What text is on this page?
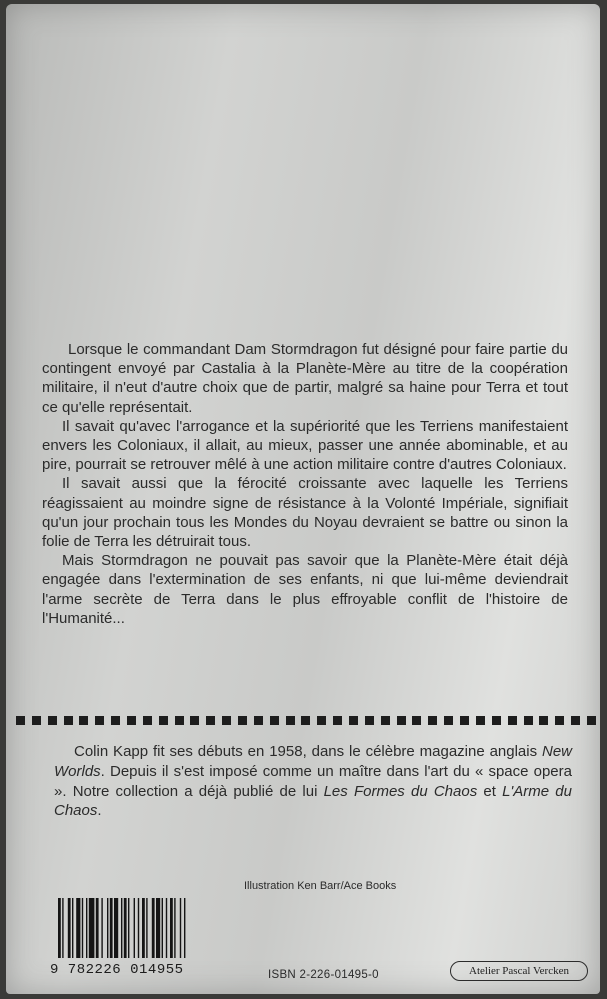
Lorsque le commandant Dam Stormdragon fut désigné pour faire partie du contingent envoyé par Castalia à la Planète-Mère au titre de la coopération militaire, il n'eut d'autre choix que de partir, malgré sa haine pour Terra et tout ce qu'elle représentait.

Il savait qu'avec l'arrogance et la supériorité que les Terriens manifestaient envers les Coloniaux, il allait, au mieux, passer une année abominable, et au pire, pourrait se retrouver mêlé à une action militaire contre d'autres Coloniaux.

Il savait aussi que la férocité croissante avec laquelle les Terriens réagissaient au moindre signe de résistance à la Volonté Impériale, signifiait qu'un jour prochain tous les Mondes du Noyau devraient se battre ou sinon la folie de Terra les détruirait tous.

Mais Stormdragon ne pouvait pas savoir que la Planète-Mère était déjà engagée dans l'extermination de ses enfants, ni que lui-même deviendrait l'arme secrète de Terra dans le plus effroyable conflit de l'histoire de l'Humanité...

Colin Kapp fit ses débuts en 1958, dans le célèbre magazine anglais New Worlds. Depuis il s'est imposé comme un maître dans l'art du « space opera ». Notre collection a déjà publié de lui Les Formes du Chaos et L'Arme du Chaos.

Illustration Ken Barr/Ace Books
9 782226 014955	ISBN 2-226-01495-0	Atelier Pascal Vercken
